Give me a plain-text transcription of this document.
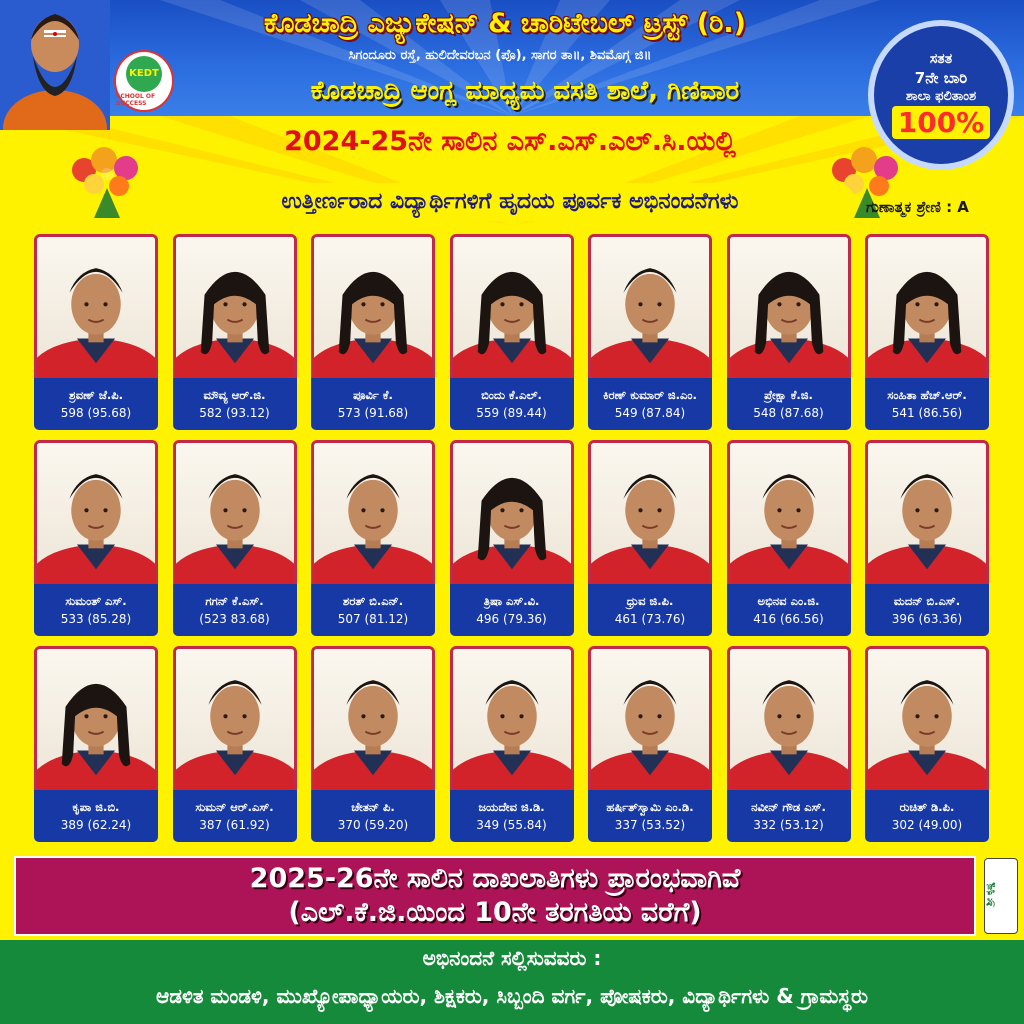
KEDT
SCHOOL OF SUCCESS
ಕೊಡಚಾದ್ರಿ ಎಜ್ಯುಕೇಷನ್ & ಚಾರಿಟೇಬಲ್ ಟ್ರಸ್ಟ್ (ರಿ.)
ಸಿಗಂದೂರು ರಸ್ತೆ, ಹುಲಿದೇವರಬನ (ಪೊ), ಸಾಗರ ತಾ॥, ಶಿವಮೊಗ್ಗ ಜಿ॥
ಕೊಡಚಾದ್ರಿ ಆಂಗ್ಲ ಮಾಧ್ಯಮ ವಸತಿ ಶಾಲೆ, ಗಿಣಿವಾರ
ಸತತ
7ನೇ ಬಾರಿ
ಶಾಲಾ ಫಲಿತಾಂಶ
100%
2024-25ನೇ ಸಾಲಿನ ಎಸ್.ಎಸ್.ಎಲ್.ಸಿ.ಯಲ್ಲಿ
ಉತ್ತೀರ್ಣರಾದ ವಿದ್ಯಾರ್ಥಿಗಳಿಗೆ ಹೃದಯ ಪೂರ್ವಕ ಅಭಿನಂದನೆಗಳು	ಗುಣಾತ್ಮಕ ಶ್ರೇಣಿ : A
ಶ್ರವಣ್ ಜೆ.ಪಿ.
598 (95.68)
ಮೌವ್ಯ ಆರ್.ಜಿ.
582 (93.12)
ಪೂರ್ವಿ ಕೆ.
573 (91.68)
ಬಿಂದು ಕೆ.ಎಲ್.
559 (89.44)
ಕಿರಣ್ ಕುಮಾರ್ ಜಿ.ಎಂ.
549 (87.84)
ಪ್ರೇಕ್ಷಾ ಕೆ.ಜಿ.
548 (87.68)
ಸಂಹಿತಾ ಹೆಚ್.ಆರ್.
541 (86.56)
ಸುಮಂತ್ ಎಸ್.
533 (85.28)
ಗಗನ್ ಕೆ.ಎಸ್.
(523 83.68)
ಶರತ್ ಬಿ.ಎನ್.
507 (81.12)
ತ್ರಿಷಾ ಎಸ್.ವಿ.
496 (79.36)
ಧ್ರುವ ಜಿ.ಪಿ.
461 (73.76)
ಅಭಿನವ ಎಂ.ಜಿ.
416 (66.56)
ಮದನ್ ಬಿ.ಎಸ್.
396 (63.36)
ಕೃಪಾ ಜಿ.ಬಿ.
389 (62.24)
ಸುಮನ್ ಆರ್.ಎಸ್.
387 (61.92)
ಚೇತನ್ ಪಿ.
370 (59.20)
ಜಯದೇವ ಜಿ.ಡಿ.
349 (55.84)
ಹರ್ಷಿತ್‌ಸ್ವಾಮಿ ಎಂ.ಡಿ.
337 (53.52)
ನವೀನ್ ಗೌಡ ಎಸ್.
332 (53.12)
ರುಚಿತ್ ಡಿ.ಪಿ.
302 (49.00)
2025-26ನೇ ಸಾಲಿನ ದಾಖಲಾತಿಗಳು ಪ್ರಾರಂಭವಾಗಿವೆ
(ಎಲ್.ಕೆ.ಜಿ.ಯಿಂದ 10ನೇ ತರಗತಿಯ ವರೆಗೆ)
ಶ್ರೀ ಕೃಷ್ಣ
ಅಭಿನಂದನೆ ಸಲ್ಲಿಸುವವರು :
ಆಡಳಿತ ಮಂಡಳಿ, ಮುಖ್ಯೋಪಾಧ್ಯಾಯರು, ಶಿಕ್ಷಕರು, ಸಿಬ್ಬಂದಿ ವರ್ಗ, ಪೋಷಕರು, ವಿದ್ಯಾರ್ಥಿಗಳು & ಗ್ರಾಮಸ್ಥರು
